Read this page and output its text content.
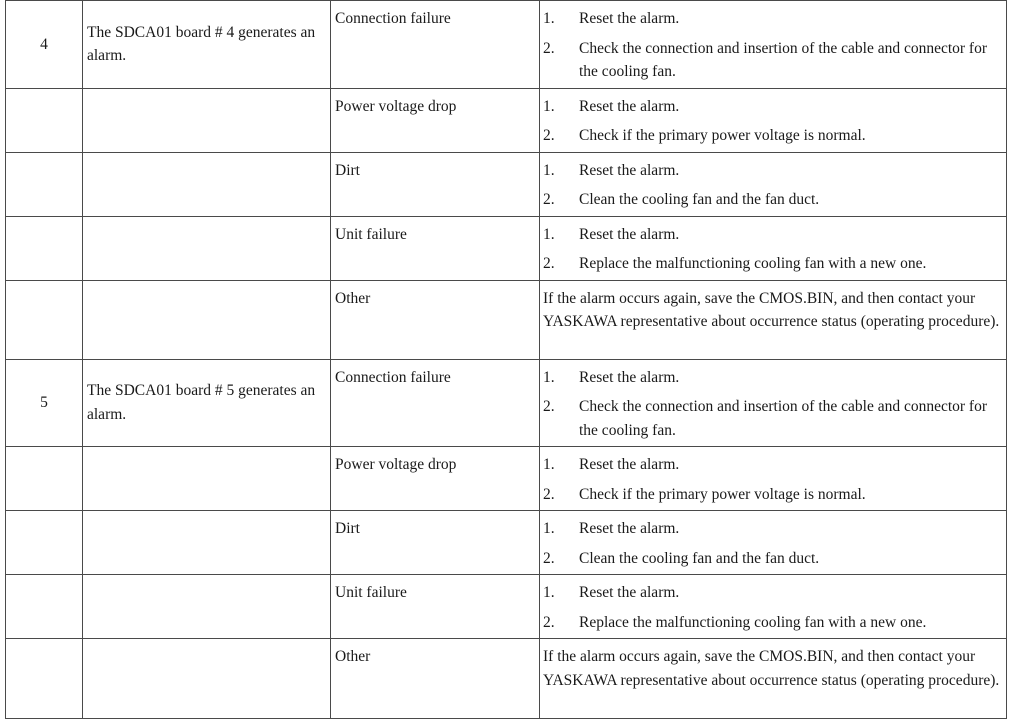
4	The SDCA01 board # 4 generates an alarm.	Connection failure	1. Reset the alarm.
2. Check the connection and insertion of the cable and connector for the cooling fan.

		Power voltage drop	1. Reset the alarm.
2. Check if the primary power voltage is normal.

		Dirt	1. Reset the alarm.
2. Clean the cooling fan and the fan duct.

		Unit failure	1. Reset the alarm.
2. Replace the malfunctioning cooling fan with a new one.

		Other	If the alarm occurs again, save the CMOS.BIN, and then contact your YASKAWA representative about occurrence status (operating procedure).

5	The SDCA01 board # 5 generates an alarm.	Connection failure	1. Reset the alarm.
2. Check the connection and insertion of the cable and connector for the cooling fan.

		Power voltage drop	1. Reset the alarm.
2. Check if the primary power voltage is normal.

		Dirt	1. Reset the alarm.
2. Clean the cooling fan and the fan duct.

		Unit failure	1. Reset the alarm.
2. Replace the malfunctioning cooling fan with a new one.

		Other	If the alarm occurs again, save the CMOS.BIN, and then contact your YASKAWA representative about occurrence status (operating procedure).
